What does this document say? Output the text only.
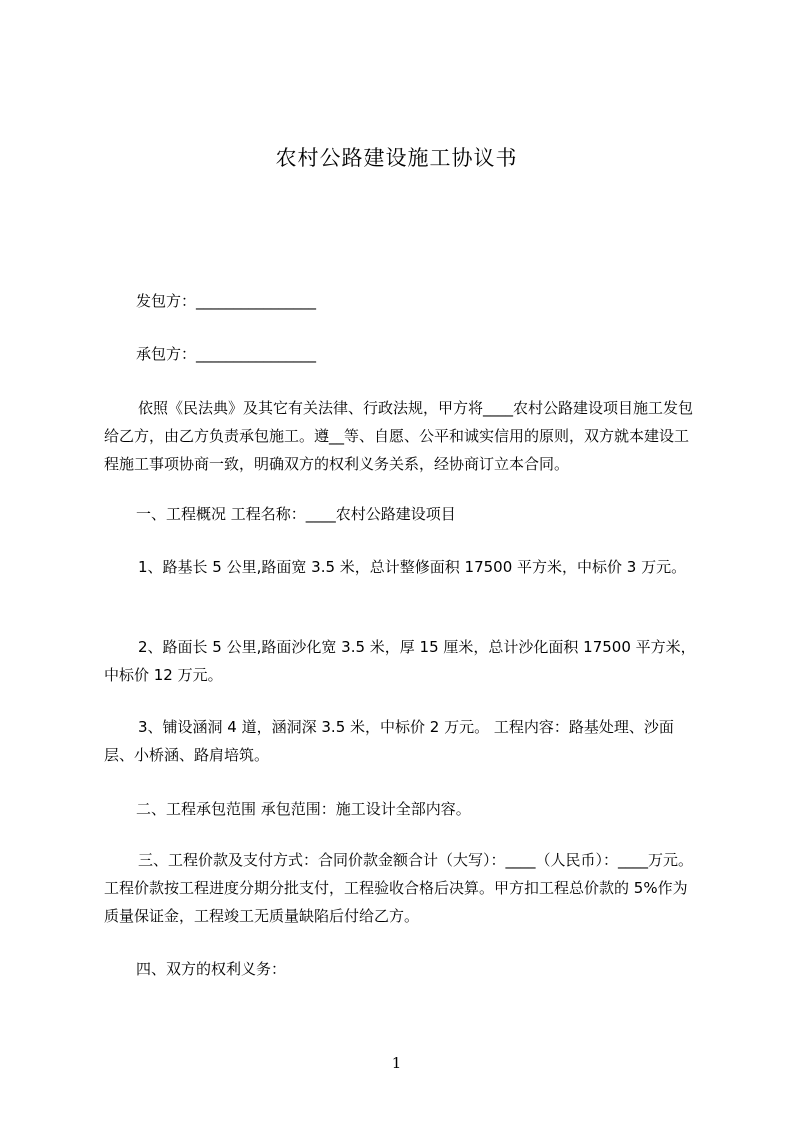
农村公路建设施工协议书
发包方：________________
承包方：________________
依照《民法典》及其它有关法律、行政法规，甲方将____农村公路建设项目施工发包给乙方，由乙方负责承包施工。遵__等、自愿、公平和诚实信用的原则，双方就本建设工程施工事项协商一致，明确双方的权利义务关系，经协商订立本合同。
一、工程概况 工程名称：____农村公路建设项目
1、路基长 5 公里,路面宽 3.5 米，总计整修面积 17500 平方米，中标价 3 万元。
2、路面长 5 公里,路面沙化宽 3.5 米，厚 15 厘米，总计沙化面积 17500 平方米，中标价 12 万元。
3、铺设涵洞 4 道，涵洞深 3.5 米，中标价 2 万元。 工程内容：路基处理、沙面层、小桥涵、路肩培筑。
二、工程承包范围 承包范围：施工设计全部内容。
三、工程价款及支付方式：合同价款金额合计（大写）：____（人民币）：____万元。 工程价款按工程进度分期分批支付，工程验收合格后决算。甲方扣工程总价款的 5%作为质量保证金，工程竣工无质量缺陷后付给乙方。
四、双方的权利义务：
1
